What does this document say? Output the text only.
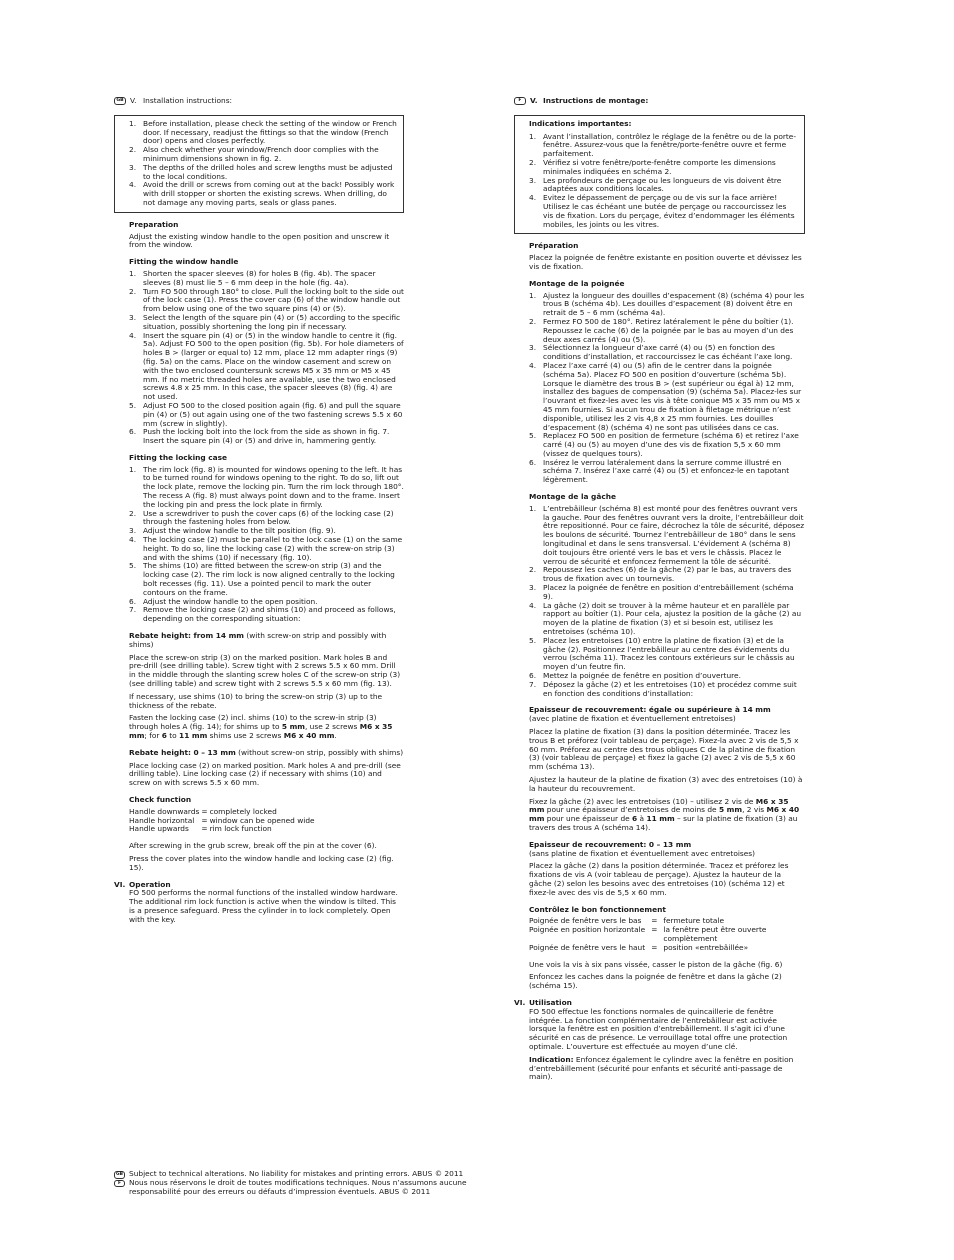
GB V. Installation instructions:
1. Before installation, please check the setting of the window or French door. If necessary, readjust the fittings so that the window (French door) opens and closes perfectly.
2. Also check whether your window/French door complies with the minimum dimensions shown in fig. 2.
3. The depths of the drilled holes and screw lengths must be adjusted to the local conditions.
4. Avoid the drill or screws from coming out at the back! Possibly work with drill stopper or shorten the existing screws. When drilling, do not damage any moving parts, seals or glass panes.
Preparation

Adjust the existing window handle to the open position and unscrew it from the window.

Fitting the window handle
1. Shorten the spacer sleeves (8) for holes B (fig. 4b). The spacer sleeves (8) must lie 5 – 6 mm deep in the hole (fig. 4a).
2. Turn FO 500 through 180° to close. Pull the locking bolt to the side out of the lock case (1). Press the cover cap (6) of the window handle out from below using one of the two square pins (4) or (5).
3. Select the length of the square pin (4) or (5) according to the specific situation, possibly shortening the long pin if necessary.
4. Insert the square pin (4) or (5) in the window handle to centre it (fig. 5a). Adjust FO 500 to the open position (fig. 5b). For hole diameters of holes B > (larger or equal to) 12 mm, place 12 mm adapter rings (9) (fig. 5a) on the cams. Place on the window casement and screw on with the two enclosed countersunk screws M5 x 35 mm or M5 x 45 mm. If no metric threaded holes are available, use the two enclosed screws 4.8 x 25 mm. In this case, the spacer sleeves (8) (fig. 4) are not used.
5. Adjust FO 500 to the closed position again (fig. 6) and pull the square pin (4) or (5) out again using one of the two fastening screws 5.5 x 60 mm (screw in slightly).
6. Push the locking bolt into the lock from the side as shown in fig. 7. Insert the square pin (4) or (5) and drive in, hammering gently.
Fitting the locking case
1. The rim lock (fig. 8) is mounted for windows opening to the left. It has to be turned round for windows opening to the right. To do so, lift out the lock plate, remove the locking pin. Turn the rim lock through 180°. The recess A (fig. 8) must always point down and to the frame. Insert the locking pin and press the lock plate in firmly.
2. Use a screwdriver to push the cover caps (6) of the locking case (2) through the fastening holes from below.
3. Adjust the window handle to the tilt position (fig. 9).
4. The locking case (2) must be parallel to the lock case (1) on the same height. To do so, line the locking case (2) with the screw-on strip (3) and with the shims (10) if necessary (fig. 10).
5. The shims (10) are fitted between the screw-on strip (3) and the locking case (2). The rim lock is now aligned centrally to the locking bolt recesses (fig. 11). Use a pointed pencil to mark the outer contours on the frame.
6. Adjust the window handle to the open position.
7. Remove the locking case (2) and shims (10) and proceed as follows, depending on the corresponding situation:

Rebate height: from 14 mm (with screw-on strip and possibly with shims)

Place the screw-on strip (3) on the marked position. Mark holes B and pre-drill (see drilling table). Screw tight with 2 screws 5.5 x 60 mm. Drill in the middle through the slanting screw holes C of the screw-on strip (3) (see drilling table) and screw tight with 2 screws 5.5 x 60 mm (fig. 13).

If necessary, use shims (10) to bring the screw-on strip (3) up to the thickness of the rebate.

Fasten the locking case (2) incl. shims (10) to the screw-in strip (3) through holes A (fig. 14); for shims up to 5 mm, use 2 screws M6 x 35 mm; for 6 to 11 mm shims use 2 screws M6 x 40 mm.

Rebate height: 0 – 13 mm (without screw-on strip, possibly with shims)

Place locking case (2) on marked position. Mark holes A and pre-drill (see drilling table). Line locking case (2) if necessary with shims (10) and screw on with screws 5.5 x 60 mm.

Check function
Handle downwards = completely locked
Handle horizontal = window can be opened wide
Handle upwards	= rim lock function

After screwing in the grub screw, break off the pin at the cover (6).

Press the cover plates into the window handle and locking case (2) (fig. 15).

VI. Operation

FO 500 performs the normal functions of the installed window hardware. The additional rim lock function is active when the window is tilted. This is a presence safeguard. Press the cylinder in to lock completely. Open with the key.

F	V. Instructions de montage:
Indications importantes:
1. Avant l’installation, contrôlez le réglage de la fenêtre ou de la porte-fenêtre. Assurez-vous que la fenêtre/porte-fenêtre ouvre et ferme parfaitement.
2. Vérifiez si votre fenêtre/porte-fenêtre comporte les dimensions minimales indiquées en schéma 2.
3. Les profondeurs de perçage ou les longueurs de vis doivent être adaptées aux conditions locales.
4. Evitez le dépassement de perçage ou de vis sur la face arrière! Utilisez le cas échéant une butée de perçage ou raccourcissez les vis de fixation. Lors du perçage, évitez d’endommager les éléments mobiles, les joints ou les vitres.
Préparation

Placez la poignée de fenêtre existante en position ouverte et dévissez les vis de fixation.

Montage de la poignée
1. Ajustez la longueur des douilles d’espacement (8) (schéma 4) pour les trous B (schéma 4b). Les douilles d’espacement (8) doivent être en retrait de 5 – 6 mm (schéma 4a).
2. Fermez FO 500 de 180°. Retirez latéralement le pêne du boîtier (1). Repoussez le cache (6) de la poignée par le bas au moyen d’un des deux axes carrés (4) ou (5).
3. Sélectionnez la longueur d’axe carré (4) ou (5) en fonction des conditions d’installation, et raccourcissez le cas échéant l’axe long.
4. Placez l’axe carré (4) ou (5) afin de le centrer dans la poignée (schéma 5a). Placez FO 500 en position d’ouverture (schéma 5b). Lorsque le diamètre des trous B > (est supérieur ou égal à) 12 mm, installez des bagues de compensation (9) (schéma 5a). Placez-les sur l’ouvrant et fixez-les avec les vis à tête conique M5 x 35 mm ou M5 x 45 mm fournies. Si aucun trou de fixation à filetage métrique n’est disponible, utilisez les 2 vis 4,8 x 25 mm fournies. Les douilles d’espacement (8) (schéma 4) ne sont pas utilisées dans ce cas.
5. Replacez FO 500 en position de fermeture (schéma 6) et retirez l’axe carré (4) ou (5) au moyen d’une des vis de fixation 5,5 x 60 mm (vissez de quelques tours).
6. Insérez le verrou latéralement dans la serrure comme illustré en schéma 7. Insérez l’axe carré (4) ou (5) et enfoncez-le en tapotant légèrement.
Montage de la gâche
1. L’entrebâilleur (schéma 8) est monté pour des fenêtres ouvrant vers la gauche. Pour des fenêtres ouvrant vers la droite, l’entrebâilleur doit être repositionné. Pour ce faire, décrochez la tôle de sécurité, déposez les boulons de sécurité. Tournez l’entrebâilleur de 180° dans le sens longitudinal et dans le sens transversal. L’évidement A (schéma 8) doit toujours être orienté vers le bas et vers le châssis. Placez le verrou de sécurité et enfoncez fermement la tôle de sécurité.
2. Repoussez les caches (6) de la gâche (2) par le bas, au travers des trous de fixation avec un tournevis.
3. Placez la poignée de fenêtre en position d’entrebâillement (schéma 9).
4. La gâche (2) doit se trouver à la même hauteur et en parallèle par rapport au boîtier (1). Pour cela, ajustez la position de la gâche (2) au moyen de la platine de fixation (3) et si besoin est, utilisez les entretoises (schéma 10).
5. Placez les entretoises (10) entre la platine de fixation (3) et de la gâche (2). Positionnez l’entrebâilleur au centre des évidements du verrou (schéma 11). Tracez les contours extérieurs sur le châssis au moyen d’un feutre fin.
6. Mettez la poignée de fenêtre en position d’ouverture.
7. Déposez la gâche (2) et les entretoises (10) et procédez comme suit en fonction des conditions d’installation:
Epaisseur de recouvrement: égale ou supérieure à 14 mm

(avec platine de fixation et éventuellement entretoises)

Placez la platine de fixation (3) dans la position déterminée. Tracez les trous B et préforez (voir tableau de perçage). Fixez-la avec 2 vis de 5,5 x 60 mm. Préforez au centre des trous obliques C de la platine de fixation (3) (voir tableau de perçage) et fixez la gache (2) avec 2 vis de 5,5 x 60 mm (schéma 13).

Ajustez la hauteur de la platine de fixation (3) avec des entretoises (10) à la hauteur du recouvrement.

Fixez la gâche (2) avec les entretoises (10) – utilisez 2 vis de M6 x 35 mm pour une épaisseur d’entretoises de moins de 5 mm, 2 vis M6 x 40 mm pour une épaisseur de 6 à 11 mm – sur la platine de fixation (3) au travers des trous A (schéma 14).

Epaisseur de recouvrement: 0 – 13 mm

(sans platine de fixation et éventuellement avec entretoises)

Placez la gâche (2) dans la position déterminée. Tracez et préforez les fixations de vis A (voir tableau de perçage). Ajustez la hauteur de la gâche (2) selon les besoins avec des entretoises (10) (schéma 12) et fixez-le avec des vis de 5,5 x 60 mm.

Contrôlez le bon fonctionnement
Poignée de fenêtre vers le bas	= fermeture totale
Poignée en position horizontale = la fenêtre peut être ouverte complètement
Poignée de fenêtre vers le haut = position «entrebâillée»

Une vois la vis à six pans vissée, casser le piston de la gâche (fig. 6)

Enfoncez les caches dans la poignée de fenêtre et dans la gâche (2) (schéma 15).

VI. Utilisation

FO 500 effectue les fonctions normales de quincaillerie de fenêtre intégrée. La fonction complémentaire de l’entrebâilleur est activée lorsque la fenêtre est en position d’entrebâillement. Il s’agit ici d’une sécurité en cas de présence. Le verrouillage total offre une protection optimale. L’ouverture est effectuée au moyen d’une clé.

Indication: Enfoncez également le cylindre avec la fenêtre en position d’entrebâillement (sécurité pour enfants et sécurité anti-passage de main).

GB Subject to technical alterations. No liability for mistakes and printing errors. ABUS © 2011
F	Nous nous réservons le droit de toutes modifications techniques. Nous n’assumons aucune responsabilité pour des erreurs ou défauts d’impression éventuels. ABUS © 2011
